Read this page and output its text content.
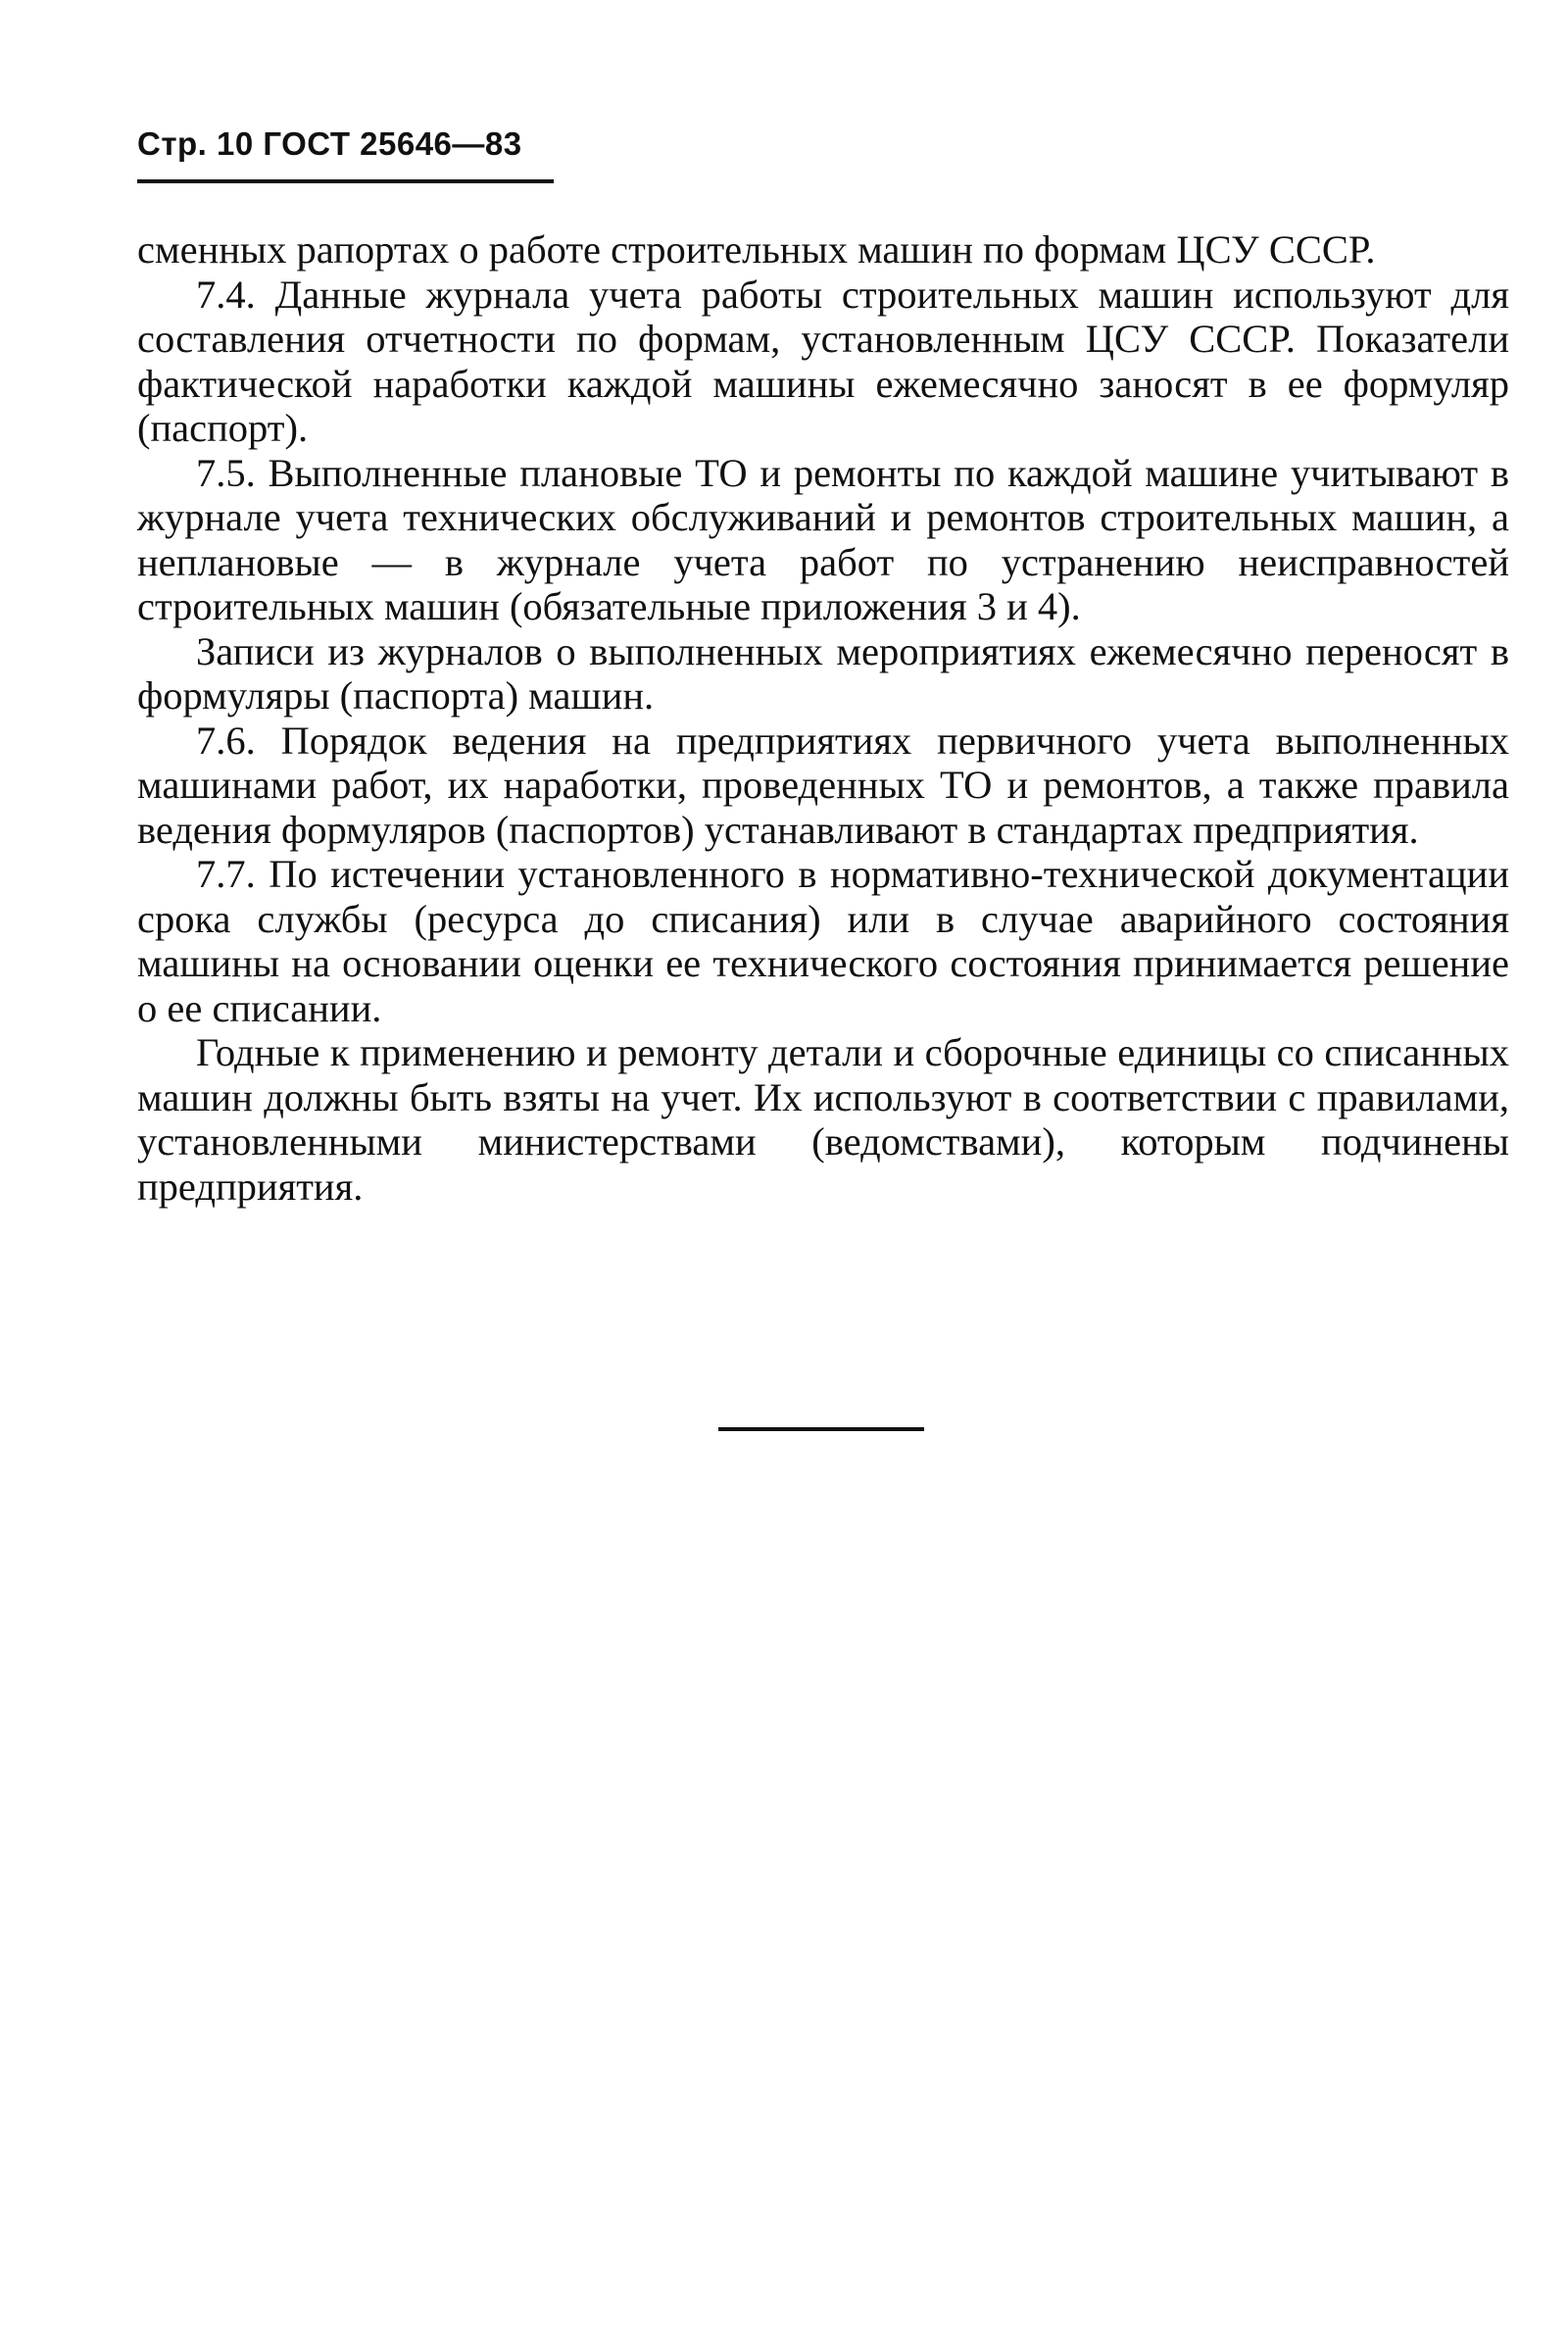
Стр. 10 ГОСТ 25646—83

сменных рапортах о работе строительных машин по формам ЦСУ СССР.

7.4. Данные журнала учета работы строительных машин используют для составления отчетности по формам, установленным ЦСУ СССР. Показатели фактической наработки каждой машины ежемесячно заносят в ее формуляр (паспорт).

7.5. Выполненные плановые ТО и ремонты по каждой машине учитывают в журнале учета технических обслуживаний и ремонтов строительных машин, а неплановые — в журнале учета работ по устранению неисправностей строительных машин (обязательные приложения 3 и 4).

Записи из журналов о выполненных мероприятиях ежемесячно переносят в формуляры (паспорта) машин.

7.6. Порядок ведения на предприятиях первичного учета выполненных машинами работ, их наработки, проведенных ТО и ремонтов, а также правила ведения формуляров (паспортов) устанавливают в стандартах предприятия.

7.7. По истечении установленного в нормативно-технической документации срока службы (ресурса до списания) или в случае аварийного состояния машины на основании оценки ее технического состояния принимается решение о ее списании.

Годные к применению и ремонту детали и сборочные единицы со списанных машин должны быть взяты на учет. Их используют в соответствии с правилами, установленными министерствами (ведомствами), которым подчинены предприятия.
